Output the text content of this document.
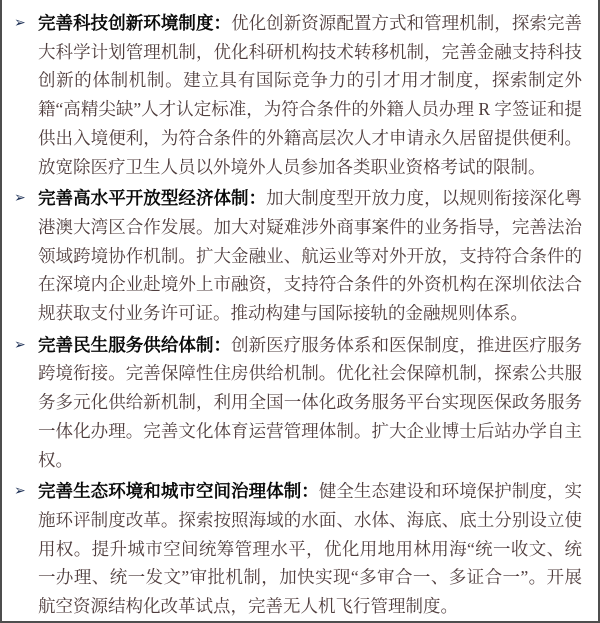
➢ 完善科技创新环境制度：优化创新资源配置方式和管理机制，探索完善大科学计划管理机制，优化科研机构技术转移机制，完善金融支持科技创新的体制机制。建立具有国际竞争力的引才用才制度，探索制定外籍“高精尖缺”人才认定标准，为符合条件的外籍人员办理 R 字签证和提供出入境便利，为符合条件的外籍高层次人才申请永久居留提供便利。放宽除医疗卫生人员以外境外人员参加各类职业资格考试的限制。

➢ 完善高水平开放型经济体制：加大制度型开放力度，以规则衔接深化粤港澳大湾区合作发展。加大对疑难涉外商事案件的业务指导，完善法治领域跨境协作机制。扩大金融业、航运业等对外开放，支持符合条件的在深境内企业赴境外上市融资，支持符合条件的外资机构在深圳依法合规获取支付业务许可证。推动构建与国际接轨的金融规则体系。

➢ 完善民生服务供给体制：创新医疗服务体系和医保制度，推进医疗服务跨境衔接。完善保障性住房供给机制。优化社会保障机制，探索公共服务多元化供给新机制，利用全国一体化政务服务平台实现医保政务服务一体化办理。完善文化体育运营管理体制。扩大企业博士后站办学自主权。

➢ 完善生态环境和城市空间治理体制：健全生态建设和环境保护制度，实施环评制度改革。探索按照海域的水面、水体、海底、底土分别设立使用权。提升城市空间统筹管理水平，优化用地用林用海“统一收文、统一办理、统一发文”审批机制，加快实现“多审合一、多证合一”。开展航空资源结构化改革试点，完善无人机飞行管理制度。
